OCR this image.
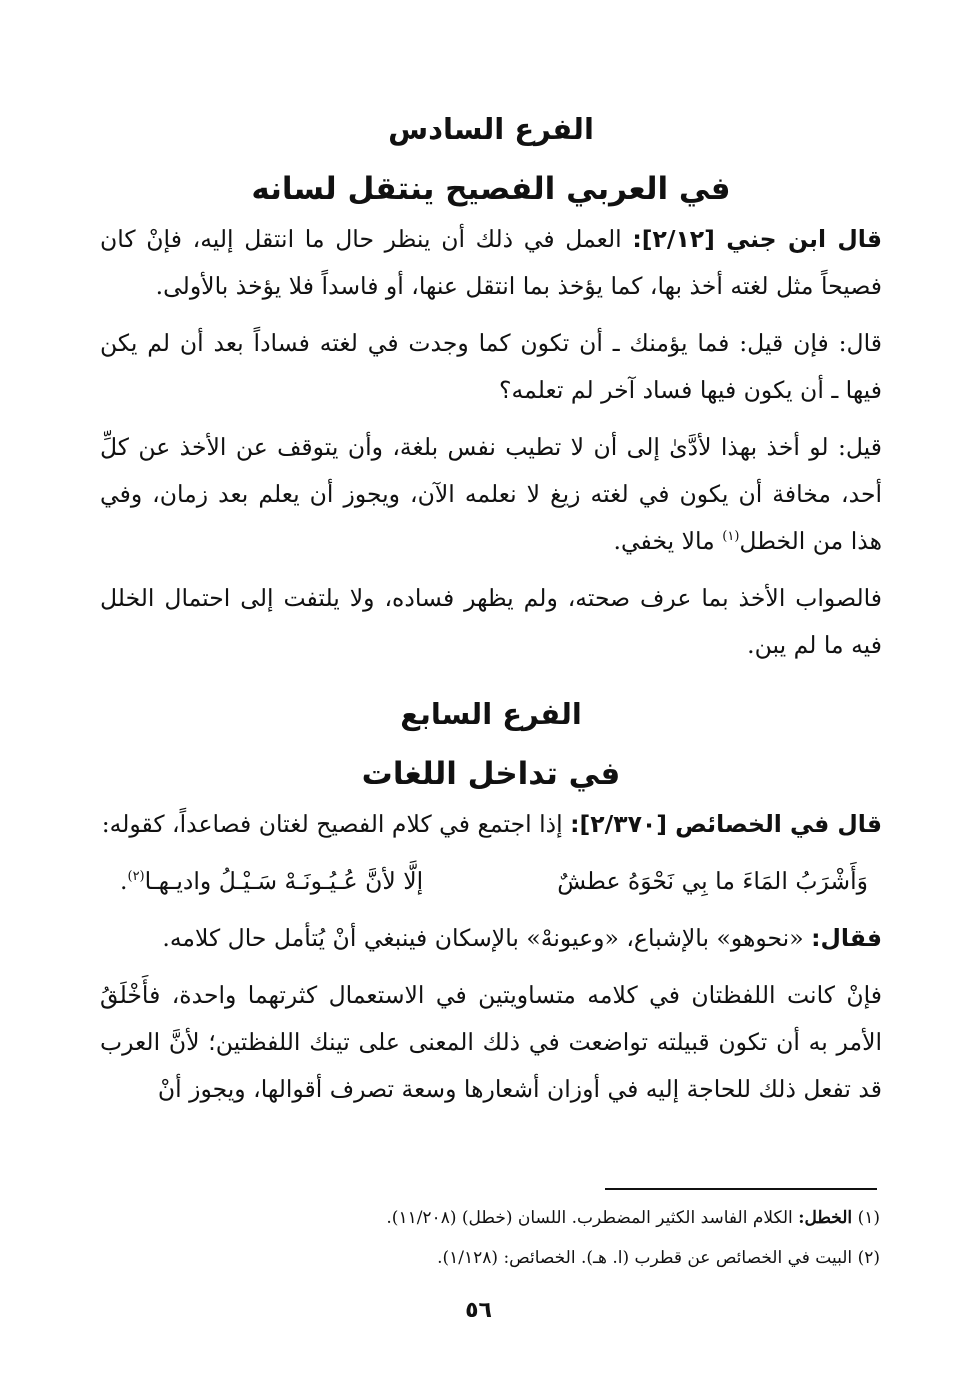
الفرع السادس
في العربي الفصيح ينتقل لسانه

قال ابن جني [٢/١٢]: العمل في ذلك أن ينظر حال ما انتقل إليه، فإنْ كان فصيحاً مثل لغته أخذ بها، كما يؤخذ بما انتقل عنها، أو فاسداً فلا يؤخذ بالأولى.

قال: فإن قيل: فما يؤمنك ـ أن تكون كما وجدت في لغته فساداً بعد أن لم يكن فيها ـ أن يكون فيها فساد آخر لم تعلمه؟

قيل: لو أخذ بهذا لأدَّىٰ إلى أن لا تطيب نفس بلغة، وأن يتوقف عن الأخذ عن كلِّ أحد، مخافة أن يكون في لغته زيغ لا نعلمه الآن، ويجوز أن يعلم بعد زمان، وفي هذا من الخطل$^{(١)}$ مالا يخفي.

فالصواب الأخذ بما عرف صحته، ولم يظهر فساده، ولا يلتفت إلى احتمال الخلل فيه ما لم يبن.

الفرع السابع
في تداخل اللغات

قال في الخصائص [٢/٣٧٠]: إذا اجتمع في كلام الفصيح لغتان فصاعداً، كقوله:

وَأَشْرَبُ المَاءَ ما بِي نَحْوَهُ عطشٌ
إلَّا لأنَّ عُـيُـونَـهْ سَـيْـلُ واديـهـا$^{(٢)}$.

فقال: «نحوهو» بالإشباع، «وعيونهْ» بالإسكان فينبغي أنْ يُتأمل حال كلامه.

فإنْ كانت اللفظتان في كلامه متساويتين في الاستعمال كثرتهما واحدة، فأَخْلَقُ الأمر به أن تكون قبيلته تواضعت في ذلك المعنى على تينك اللفظتين؛ لأنَّ العرب قد تفعل ذلك للحاجة إليه في أوزان أشعارها وسعة تصرف أقوالها، ويجوز أنْ

(١) الخطل: الكلام الفاسد الكثير المضطرب. اللسان (خطل) (١١/٢٠٨).
(٢) البيت في الخصائص عن قطرب (ا. هـ). الخصائص: (١/١٢٨).
٥٦
